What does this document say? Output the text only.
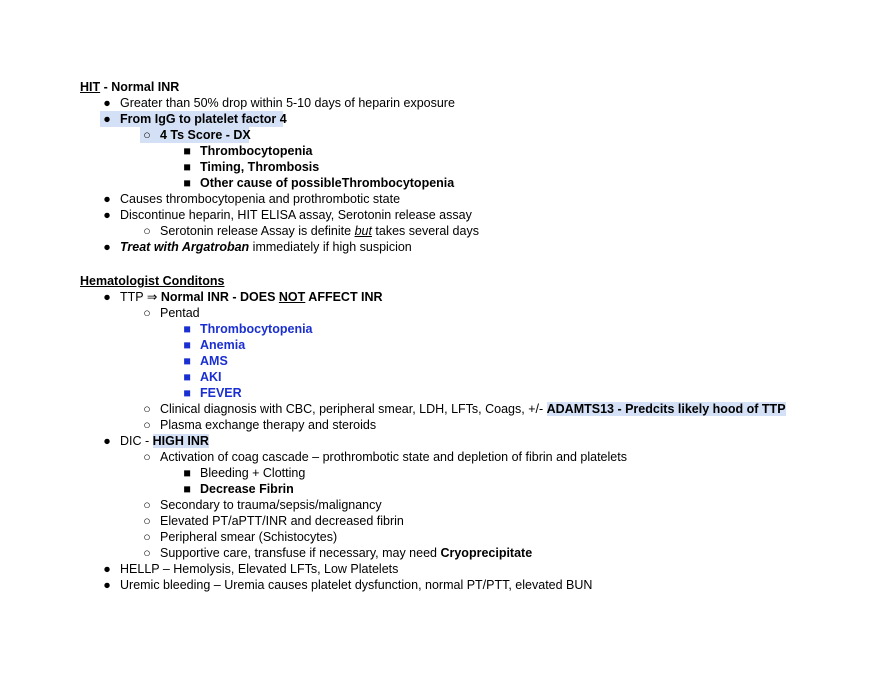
HIT - Normal INR
● Greater than 50% drop within 5-10 days of heparin exposure
● From IgG to platelet factor 4
○ 4 Ts Score - DX
■ Thrombocytopenia
■ Timing, Thrombosis
■ Other cause of possibleThrombocytopenia
● Causes thrombocytopenia and prothrombotic state
● Discontinue heparin, HIT ELISA assay, Serotonin release assay
○ Serotonin release Assay is definite but takes several days
● Treat with Argatroban immediately if high suspicion
Hematologist Conditons
● TTP ⇒ Normal INR - DOES NOT AFFECT INR
○ Pentad
■ Thrombocytopenia
■ Anemia
■ AMS
■ AKI
■ FEVER
○ Clinical diagnosis with CBC, peripheral smear, LDH, LFTs, Coags, +/- ADAMTS13 - Predcits likely hood of TTP
○ Plasma exchange therapy and steroids
● DIC - HIGH INR
○ Activation of coag cascade – prothrombotic state and depletion of fibrin and platelets
■ Bleeding + Clotting
■ Decrease Fibrin
○ Secondary to trauma/sepsis/malignancy
○ Elevated PT/aPTT/INR and decreased fibrin
○ Peripheral smear (Schistocytes)
○ Supportive care, transfuse if necessary, may need Cryoprecipitate
● HELLP – Hemolysis, Elevated LFTs, Low Platelets
● Uremic bleeding – Uremia causes platelet dysfunction, normal PT/PTT, elevated BUN
